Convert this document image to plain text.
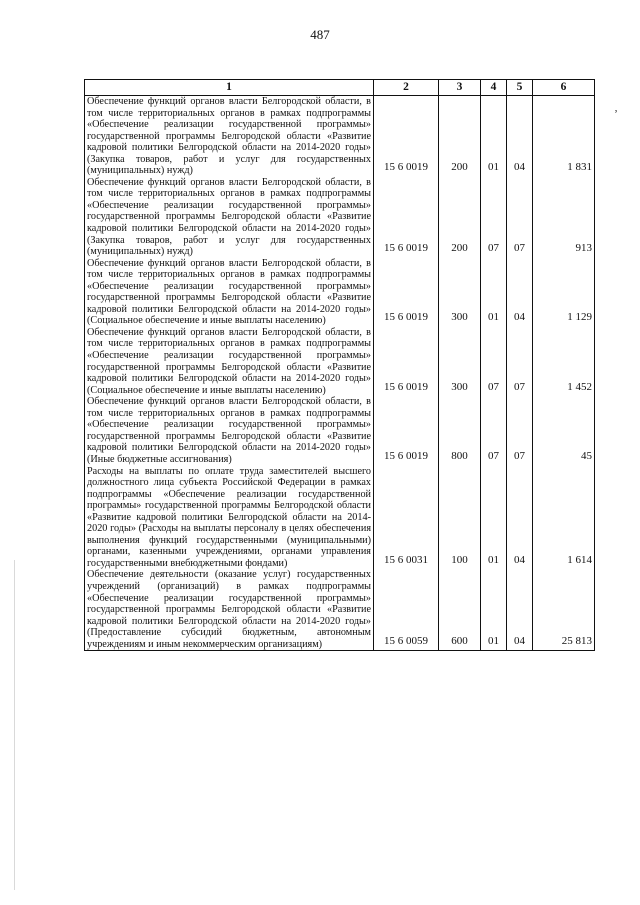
487
‚
1	2	3	4	5	6
Обеспечение функций органов власти Белгородской области, в том числе территориальных органов в рамках подпрограммы «Обеспечение реализации государственной программы» государственной программы Белгородской области «Развитие кадровой политики Белгородской области на 2014-2020 годы» (Закупка товаров, работ и услуг для государственных (муниципальных) нужд)	15 6 0019	200	01	04	1 831

Обеспечение функций органов власти Белгородской области, в том числе территориальных органов в рамках подпрограммы «Обеспечение реализации государственной программы» государственной программы Белгородской области «Развитие кадровой политики Белгородской области на 2014-2020 годы» (Закупка товаров, работ и услуг для государственных (муниципальных) нужд)	15 6 0019	200	07	07	913

Обеспечение функций органов власти Белгородской области, в том числе территориальных органов в рамках подпрограммы «Обеспечение реализации государственной программы» государственной программы Белгородской области «Развитие кадровой политики Белгородской области на 2014-2020 годы» (Социальное обеспечение и иные выплаты населению)	15 6 0019	300	01	04	1 129

Обеспечение функций органов власти Белгородской области, в том числе территориальных органов в рамках подпрограммы «Обеспечение реализации государственной программы» государственной программы Белгородской области «Развитие кадровой политики Белгородской области на 2014-2020 годы» (Социальное обеспечение и иные выплаты населению)	15 6 0019	300	07	07	1 452

Обеспечение функций органов власти Белгородской области, в том числе территориальных органов в рамках подпрограммы «Обеспечение реализации государственной программы» государственной программы Белгородской области «Развитие кадровой политики Белгородской области на 2014-2020 годы» (Иные бюджетные ассигнования)	15 6 0019	800	07	07	45

Расходы на выплаты по оплате труда заместителей высшего должностного лица субъекта Российской Федерации в рамках подпрограммы «Обеспечение реализации государственной программы» государственной программы Белгородской области «Развитие кадровой политики Белгородской области на 2014-2020 годы» (Расходы на выплаты персоналу в целях обеспечения выполнения функций государственными (муниципальными) органами, казенными учреждениями, органами управления государственными внебюджетными фондами)	15 6 0031	100	01	04	1 614

Обеспечение деятельности (оказание услуг) государственных учреждений (организаций) в рамках подпрограммы «Обеспечение реализации государственной программы» государственной программы Белгородской области «Развитие кадровой политики Белгородской области на 2014-2020 годы» (Предоставление субсидий бюджетным, автономным учреждениям и иным некоммерческим организациям)	15 6 0059	600	01	04	25 813
